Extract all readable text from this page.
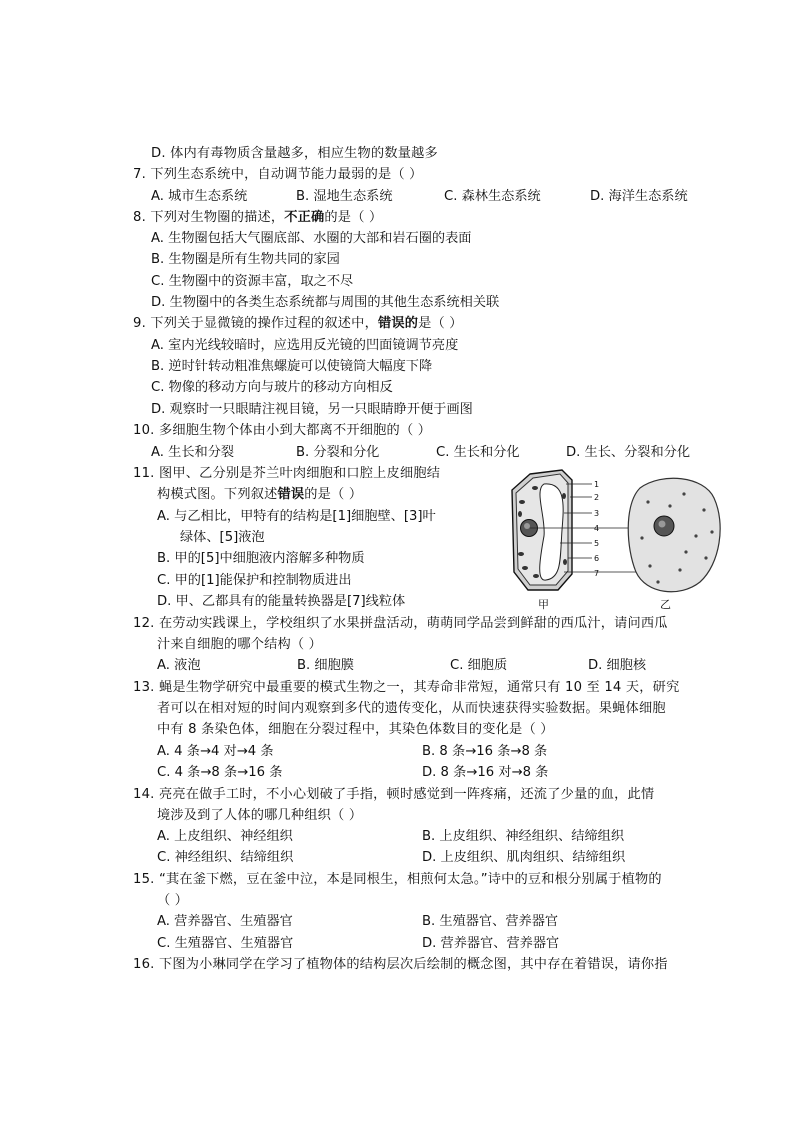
D. 体内有毒物质含量越多，相应生物的数量越多
7. 下列生态系统中，自动调节能力最弱的是（ ）
A. 城市生态系统	B. 湿地生态系统	C. 森林生态系统	D. 海洋生态系统
8. 下列对生物圈的描述，不正确的是（ ）
A. 生物圈包括大气圈底部、水圈的大部和岩石圈的表面
B. 生物圈是所有生物共同的家园
C. 生物圈中的资源丰富，取之不尽
D. 生物圈中的各类生态系统都与周围的其他生态系统相关联
9. 下列关于显微镜的操作过程的叙述中，错误的是（ ）
A. 室内光线较暗时，应选用反光镜的凹面镜调节亮度
B. 逆时针转动粗准焦螺旋可以使镜筒大幅度下降
C. 物像的移动方向与玻片的移动方向相反
D. 观察时一只眼睛注视目镜，另一只眼睛睁开便于画图
10. 多细胞生物个体由小到大都离不开细胞的（ ）
A. 生长和分裂	B. 分裂和分化	C. 生长和分化	D. 生长、分裂和分化
11. 图甲、乙分别是芥兰叶肉细胞和口腔上皮细胞结
构模式图。下列叙述错误的是（ ）
A. 与乙相比，甲特有的结构是[1]细胞壁、[3]叶
绿体、[5]液泡
B. 甲的[5]中细胞液内溶解多种物质
C. 甲的[1]能保护和控制物质进出
D. 甲、乙都具有的能量转换器是[7]线粒体
1
2
3
4
5
6
7
甲	乙
12. 在劳动实践课上，学校组织了水果拼盘活动，萌萌同学品尝到鲜甜的西瓜汁，请问西瓜
汁来自细胞的哪个结构（ ）
A. 液泡	B. 细胞膜	C. 细胞质	D. 细胞核
13. 蝇是生物学研究中最重要的模式生物之一，其寿命非常短，通常只有 10 至 14 天，研究
者可以在相对短的时间内观察到多代的遗传变化，从而快速获得实验数据。果蝇体细胞
中有 8 条染色体，细胞在分裂过程中，其染色体数目的变化是（ ）
A. 4 条→4 对→4 条	B. 8 条→16 条→8 条
C. 4 条→8 条→16 条	D. 8 条→16 对→8 条
14. 亮亮在做手工时，不小心划破了手指，顿时感觉到一阵疼痛，还流了少量的血，此情
境涉及到了人体的哪几种组织（ ）
A. 上皮组织、神经组织	B. 上皮组织、神经组织、结缔组织
C. 神经组织、结缔组织	D. 上皮组织、肌肉组织、结缔组织
15. “萁在釜下燃，豆在釜中泣，本是同根生，相煎何太急。”诗中的豆和根分别属于植物的
（ ）
A. 营养器官、生殖器官	B. 生殖器官、营养器官
C. 生殖器官、生殖器官	D. 营养器官、营养器官
16. 下图为小琳同学在学习了植物体的结构层次后绘制的概念图，其中存在着错误，请你指
